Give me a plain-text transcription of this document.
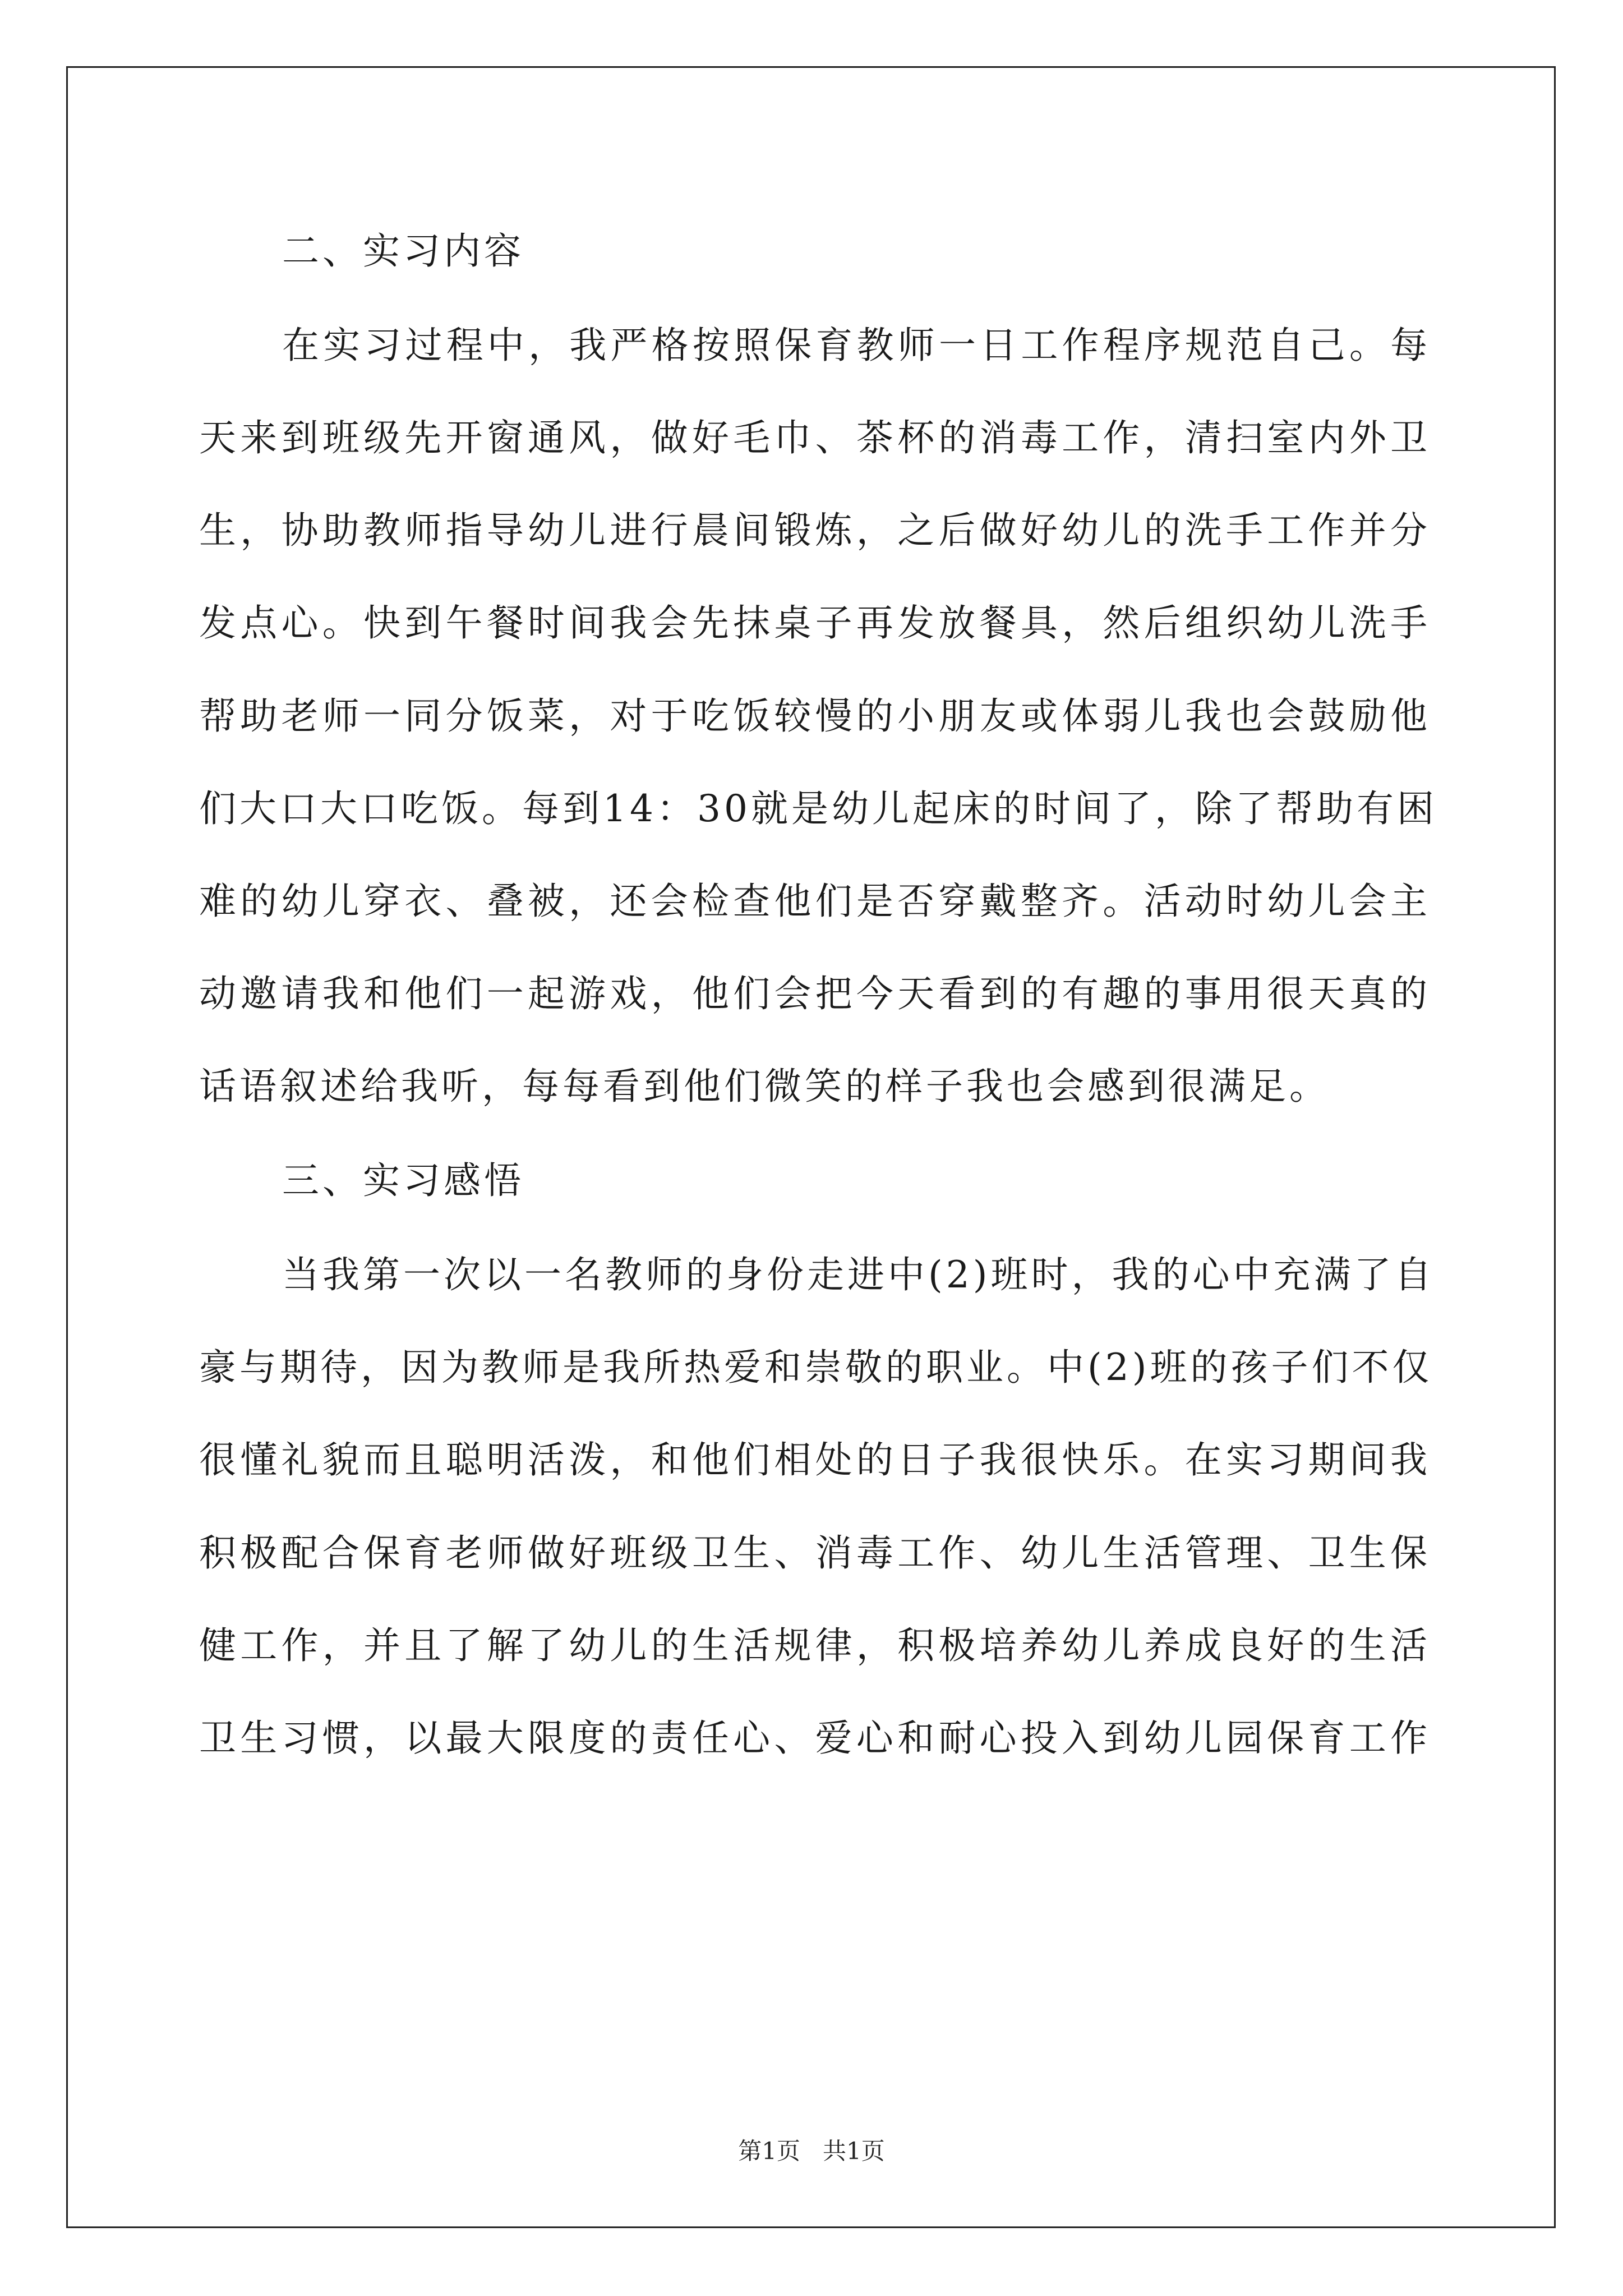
二、实习内容
在实习过程中，我严格按照保育教师一日工作程序规范自己。每
天来到班级先开窗通风，做好毛巾、茶杯的消毒工作，清扫室内外卫
生，协助教师指导幼儿进行晨间锻炼，之后做好幼儿的洗手工作并分
发点心。快到午餐时间我会先抹桌子再发放餐具，然后组织幼儿洗手
帮助老师一同分饭菜，对于吃饭较慢的小朋友或体弱儿我也会鼓励他
们大口大口吃饭。每到14：30就是幼儿起床的时间了，除了帮助有困
难的幼儿穿衣、叠被，还会检查他们是否穿戴整齐。活动时幼儿会主
动邀请我和他们一起游戏，他们会把今天看到的有趣的事用很天真的
话语叙述给我听，每每看到他们微笑的样子我也会感到很满足。
三、实习感悟
当我第一次以一名教师的身份走进中(2)班时，我的心中充满了自
豪与期待，因为教师是我所热爱和崇敬的职业。中(2)班的孩子们不仅
很懂礼貌而且聪明活泼，和他们相处的日子我很快乐。在实习期间我
积极配合保育老师做好班级卫生、消毒工作、幼儿生活管理、卫生保
健工作，并且了解了幼儿的生活规律，积极培养幼儿养成良好的生活
卫生习惯，以最大限度的责任心、爱心和耐心投入到幼儿园保育工作
第1页 共1页
